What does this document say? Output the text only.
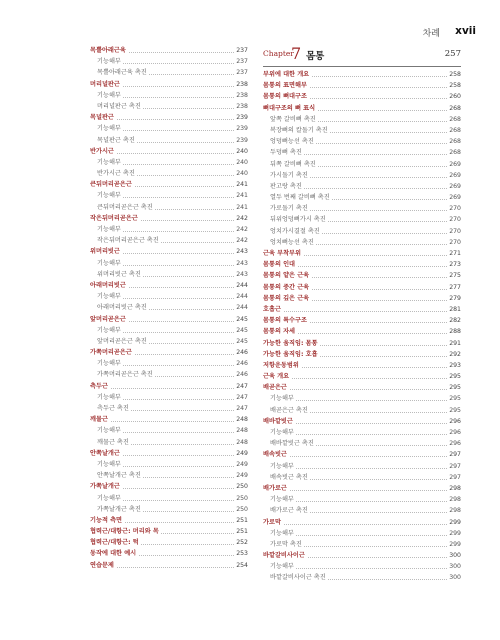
차례 xvii
목뿔아래근육	237
기능해부	237
목뿔아래근육 촉진	237
머리널판근	238
기능해부	238
머리널판근 촉진	238
목널판근	239
기능해부	239
목널판근 촉진	239
반가시근	240
기능해부	240
반가시근 촉진	240
큰뒤머리곧은근	241
기능해부	241
큰뒤머리곧은근 촉진	241
작은뒤머리곧은근	242
기능해부	242
작은뒤머리곧은근 촉진	242
위머리빗근	243
기능해부	243
위머리빗근 촉진	243
아래머리빗근	244
기능해부	244
아래머리빗근 촉진	244
앞머리곧은근	245
기능해부	245
앞머리곧은근 촉진	245
가쪽머리곧은근	246
기능해부	246
가쪽머리곧은근 촉진	246
측두근	247
기능해부	247
측두근 촉진	247
깨물근	248
기능해부	248
깨물근 촉진	248
안쪽날개근	249
기능해부	249
안쪽날개근 촉진	249
가쪽날개근	250
기능해부	250
가쪽날개근 촉진	250
기능적 측면	251
협력근/대항근: 머리와 목	251
협력근/대항근: 턱	252
동작에 대한 예시	253
연습문제	254
Chapter
7 몸통	257
부위에 대한 개요	258
몸통의 표면해부	258
몸통의 뼈대구조	260
뼈대구조의 뼈 표식	268
앞쪽 갈비뼈 촉진	268
복장뼈의 칼돌기 촉진	268
엉덩뼈능선 촉진	268
두덩뼈 촉진	268
뒤쪽 갈비뼈 촉진	269
가시돌기 촉진	269
판고랑 촉진	269
열두 번째 갈비뼈 촉진	269
가로돌기 촉진	270
뒤위엉덩뼈가시 촉진	270
엉치가시결절 촉진	270
엉치뼈능선 촉진	270
근육 부착부위	271
몸통의 인대	273
몸통의 얕은 근육	275
몸통의 중간 근육	277
몸통의 깊은 근육	279
호흡근	281
몸통의 특수구조	282
몸통의 자세	288
가능한 움직임: 몸통	291
가능한 움직임: 호흡	292
저항운동범위	293
근육 개요	295
배곧은근	295
기능해부	295
배곧은근 촉진	295
배바깥빗근	296
기능해부	296
배바깥빗근 촉진	296
배속빗근	297
기능해부	297
배속빗근 촉진	297
배가로근	298
기능해부	298
배가로근 촉진	298
가로막	299
기능해부	299
가로막 촉진	299
바깥갈비사이근	300
기능해부	300
바깥갈비사이근 촉진	300
